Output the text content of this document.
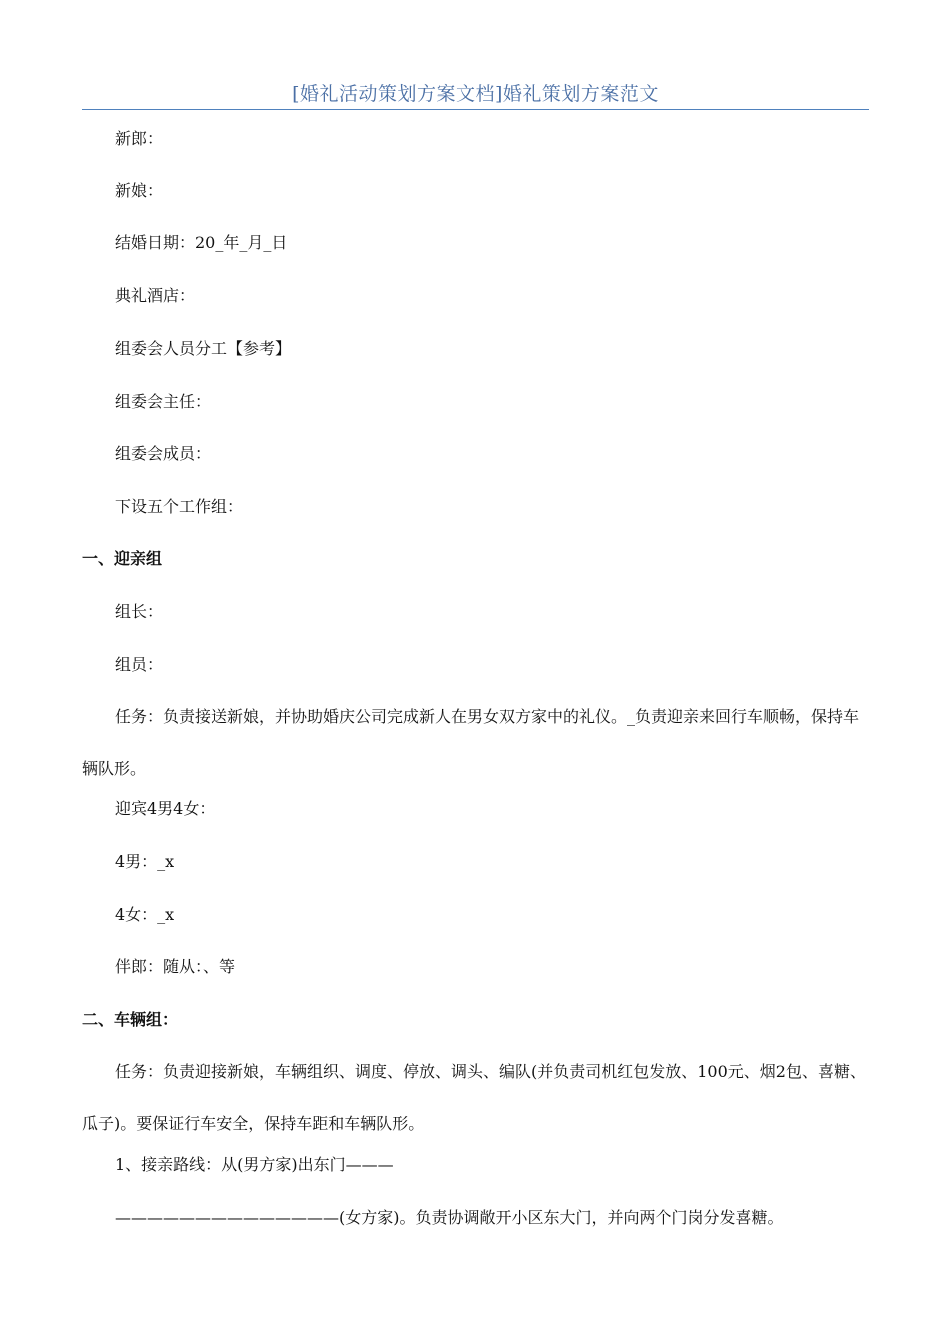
[婚礼活动策划方案文档]婚礼策划方案范文
新郎：
新娘：
结婚日期：20_年_月_日
典礼酒店：
组委会人员分工【参考】
组委会主任：
组委会成员：
下设五个工作组：
一、迎亲组
组长：
组员：
任务：负责接送新娘，并协助婚庆公司完成新人在男女双方家中的礼仪。_负责迎亲来回行车顺畅，保持车辆队形。
迎宾4男4女：
4男：_x
4女：_x
伴郎：随从：、等
二、车辆组：
任务：负责迎接新娘，车辆组织、调度、停放、调头、编队(并负责司机红包发放、100元、烟2包、喜糖、瓜子)。要保证行车安全，保持车距和车辆队形。
1、接亲路线：从(男方家)出东门———
——————————————(女方家)。负责协调敞开小区东大门，并向两个门岗分发喜糖。
